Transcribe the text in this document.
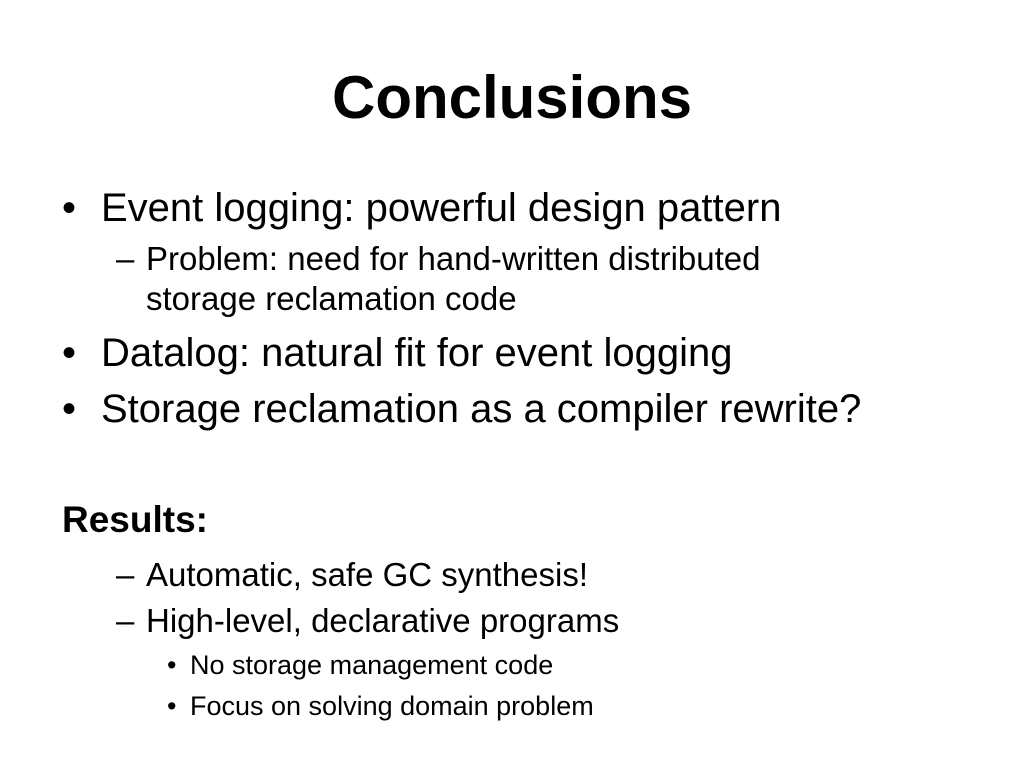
Conclusions
• Event logging: powerful design pattern
– Problem: need for hand-written distributed
storage reclamation code
• Datalog: natural fit for event logging
• Storage reclamation as a compiler rewrite?
Results:
– Automatic, safe GC synthesis!
– High-level, declarative programs
• No storage management code
• Focus on solving domain problem
